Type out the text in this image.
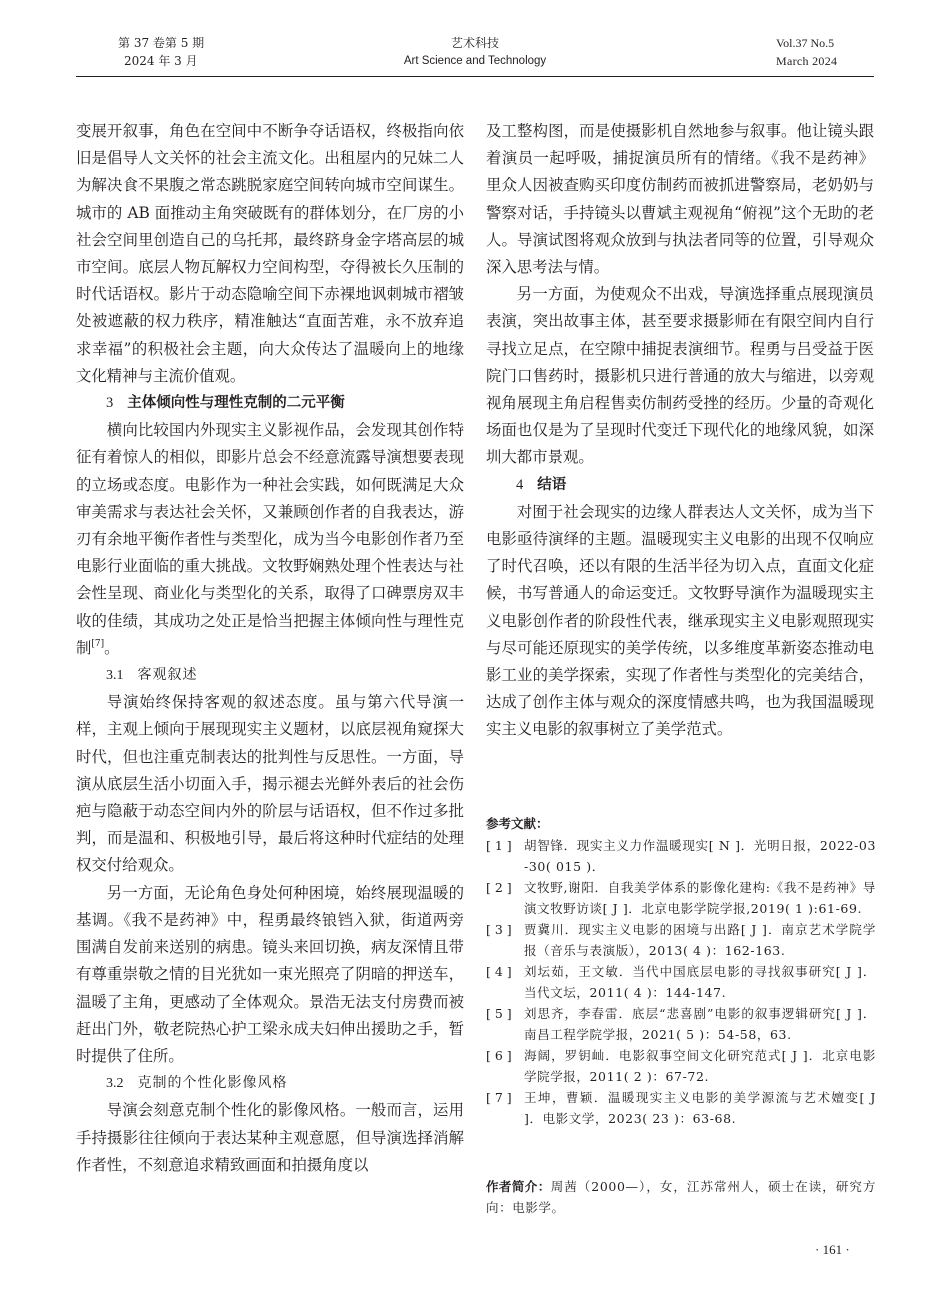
第 37 卷第 5 期
2024 年 3 月
艺术科技
Art Science and Technology
Vol.37 No.5
March 2024

变展开叙事，角色在空间中不断争夺话语权，终极指向依旧是倡导人文关怀的社会主流文化。出租屋内的兄妹二人为解决食不果腹之常态跳脱家庭空间转向城市空间谋生。城市的 AB 面推动主角突破既有的群体划分，在厂房的小社会空间里创造自己的乌托邦，最终跻身金字塔高层的城市空间。底层人物瓦解权力空间构型，夺得被长久压制的时代话语权。影片于动态隐喻空间下赤裸地讽刺城市褶皱处被遮蔽的权力秩序，精准触达“直面苦难，永不放弃追求幸福”的积极社会主题，向大众传达了温暖向上的地缘文化精神与主流价值观。

3 主体倾向性与理性克制的二元平衡

横向比较国内外现实主义影视作品，会发现其创作特征有着惊人的相似，即影片总会不经意流露导演想要表现的立场或态度。电影作为一种社会实践，如何既满足大众审美需求与表达社会关怀，又兼顾创作者的自我表达，游刃有余地平衡作者性与类型化，成为当今电影创作者乃至电影行业面临的重大挑战。文牧野娴熟处理个性表达与社会性呈现、商业化与类型化的关系，取得了口碑票房双丰收的佳绩，其成功之处正是恰当把握主体倾向性与理性克制[7]。

3.1 客观叙述

导演始终保持客观的叙述态度。虽与第六代导演一样，主观上倾向于展现现实主义题材，以底层视角窥探大时代，但也注重克制表达的批判性与反思性。一方面，导演从底层生活小切面入手，揭示褪去光鲜外表后的社会伤疤与隐蔽于动态空间内外的阶层与话语权，但不作过多批判，而是温和、积极地引导，最后将这种时代症结的处理权交付给观众。

另一方面，无论角色身处何种困境，始终展现温暖的基调。《我不是药神》中，程勇最终锒铛入狱，街道两旁围满自发前来送别的病患。镜头来回切换，病友深情且带有尊重崇敬之情的目光犹如一束光照亮了阴暗的押送车，温暖了主角，更感动了全体观众。景浩无法支付房费而被赶出门外，敬老院热心护工梁永成夫妇伸出援助之手，暂时提供了住所。

3.2 克制的个性化影像风格

导演会刻意克制个性化的影像风格。一般而言，运用手持摄影往往倾向于表达某种主观意愿，但导演选择消解作者性，不刻意追求精致画面和拍摄角度以

及工整构图，而是使摄影机自然地参与叙事。他让镜头跟着演员一起呼吸，捕捉演员所有的情绪。《我不是药神》里众人因被查购买印度仿制药而被抓进警察局，老奶奶与警察对话，手持镜头以曹斌主观视角“俯视”这个无助的老人。导演试图将观众放到与执法者同等的位置，引导观众深入思考法与情。

另一方面，为使观众不出戏，导演选择重点展现演员表演，突出故事主体，甚至要求摄影师在有限空间内自行寻找立足点，在空隙中捕捉表演细节。程勇与吕受益于医院门口售药时，摄影机只进行普通的放大与缩进，以旁观视角展现主角启程售卖仿制药受挫的经历。少量的奇观化场面也仅是为了呈现时代变迁下现代化的地缘风貌，如深圳大都市景观。

4 结语

对囿于社会现实的边缘人群表达人文关怀，成为当下电影亟待演绎的主题。温暖现实主义电影的出现不仅响应了时代召唤，还以有限的生活半径为切入点，直面文化症候，书写普通人的命运变迁。文牧野导演作为温暖现实主义电影创作者的阶段性代表，继承现实主义电影观照现实与尽可能还原现实的美学传统，以多维度革新姿态推动电影工业的美学探索，实现了作者性与类型化的完美结合，达成了创作主体与观众的深度情感共鸣，也为我国温暖现实主义电影的叙事树立了美学范式。

参考文献：
[ 1 ] 胡智锋．现实主义力作温暖现实[ N ]．光明日报，2022-03-30( 015 )．
[ 2 ] 文牧野,谢阳．自我美学体系的影像化建构:《我不是药神》导演文牧野访谈[ J ]．北京电影学院学报,2019( 1 ):61-69.
[ 3 ] 贾冀川．现实主义电影的困境与出路[ J ]．南京艺术学院学报（音乐与表演版），2013( 4 )：162-163.
[ 4 ] 刘坛茹，王文敏．当代中国底层电影的寻找叙事研究[ J ]．当代文坛，2011( 4 )：144-147.
[ 5 ] 刘思齐，李春雷．底层“悲喜剧”电影的叙事逻辑研究[ J ]．南昌工程学院学报，2021( 5 )：54-58，63.
[ 6 ] 海阔，罗钥屾．电影叙事空间文化研究范式[ J ]．北京电影学院学报，2011( 2 )：67-72.
[ 7 ] 王坤，曹颖．温暖现实主义电影的美学源流与艺术嬗变[ J ]．电影文学，2023( 23 )：63-68.
作者简介：周茜（2000—），女，江苏常州人，硕士在读，研究方向：电影学。
· 161 ·
